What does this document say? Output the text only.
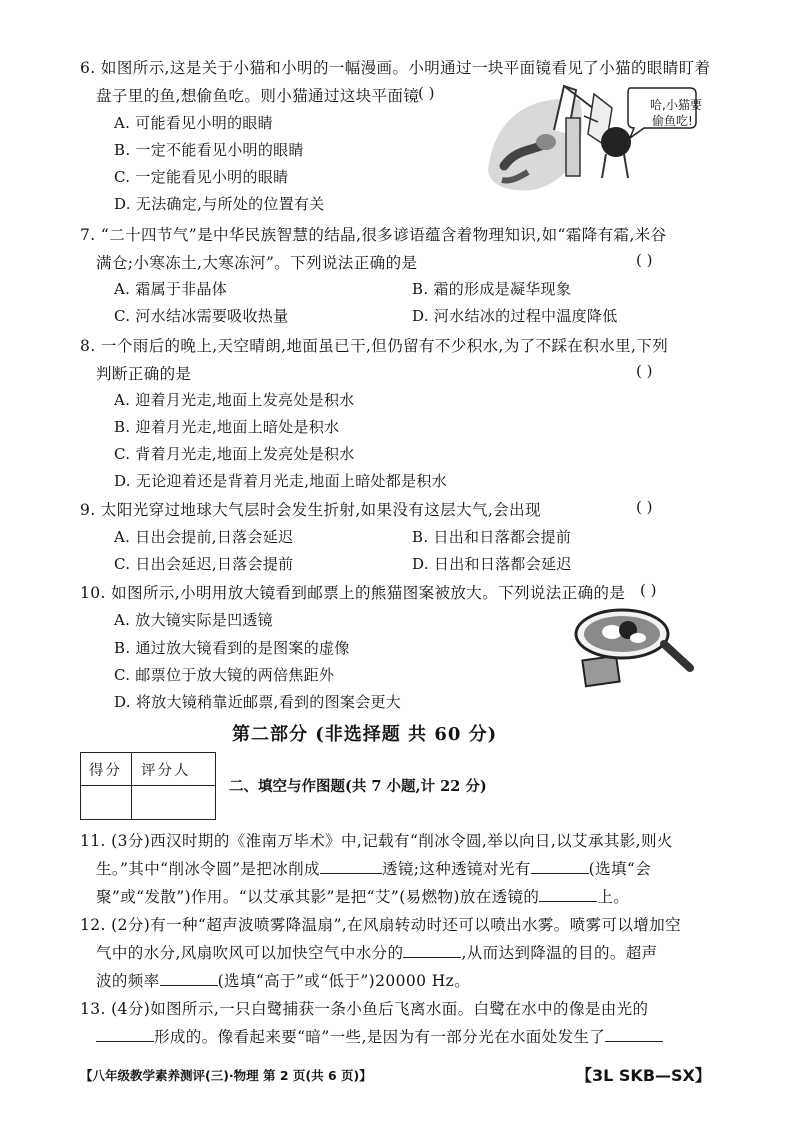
6. 如图所示,这是关于小猫和小明的一幅漫画。小明通过一块平面镜看见了小猫的眼睛盯着
盘子里的鱼,想偷鱼吃。则小猫通过这块平面镜
( )
A. 可能看见小明的眼睛
B. 一定不能看见小明的眼睛
C. 一定能看见小明的眼睛
D. 无法确定,与所处的位置有关
哈,小猫要
偷鱼吃!
7. “二十四节气”是中华民族智慧的结晶,很多谚语蕴含着物理知识,如“霜降有霜,米谷
满仓;小寒冻土,大寒冻河”。下列说法正确的是	( )
A. 霜属于非晶体	B. 霜的形成是凝华现象
C. 河水结冰需要吸收热量	D. 河水结冰的过程中温度降低
8. 一个雨后的晚上,天空晴朗,地面虽已干,但仍留有不少积水,为了不踩在积水里,下列
判断正确的是	( )
A. 迎着月光走,地面上发亮处是积水
B. 迎着月光走,地面上暗处是积水
C. 背着月光走,地面上发亮处是积水
D. 无论迎着还是背着月光走,地面上暗处都是积水
9. 太阳光穿过地球大气层时会发生折射,如果没有这层大气,会出现	( )
A. 日出会提前,日落会延迟	B. 日出和日落都会提前
C. 日出会延迟,日落会提前	D. 日出和日落都会延迟
10. 如图所示,小明用放大镜看到邮票上的熊猫图案被放大。下列说法正确的是 ( )
A. 放大镜实际是凹透镜
B. 通过放大镜看到的是图案的虚像
C. 邮票位于放大镜的两倍焦距外
D. 将放大镜稍靠近邮票,看到的图案会更大
第二部分 (非选择题 共 60 分)
得分 评分人
二、填空与作图题(共 7 小题,计 22 分)
11. (3分)西汉时期的《淮南万毕术》中,记载有“削冰令圆,举以向日,以艾承其影,则火
生。”其中“削冰令圆”是把冰削成	透镜;这种透镜对光有	(选填“会
聚”或“发散”)作用。“以艾承其影”是把“艾”(易燃物)放在透镜的	上。
12. (2分)有一种“超声波喷雾降温扇”,在风扇转动时还可以喷出水雾。喷雾可以增加空
气中的水分,风扇吹风可以加快空气中水分的	,从而达到降温的目的。超声
波的频率	(选填“高于”或“低于”)20000 Hz。
13. (4分)如图所示,一只白鹭捕获一条小鱼后飞离水面。白鹭在水中的像是由光的
形成的。像看起来要“暗”一些,是因为有一部分光在水面处发生了
【八年级教学素养测评(三)·物理 第 2 页(共 6 页)】	【3L SKB—SX】
